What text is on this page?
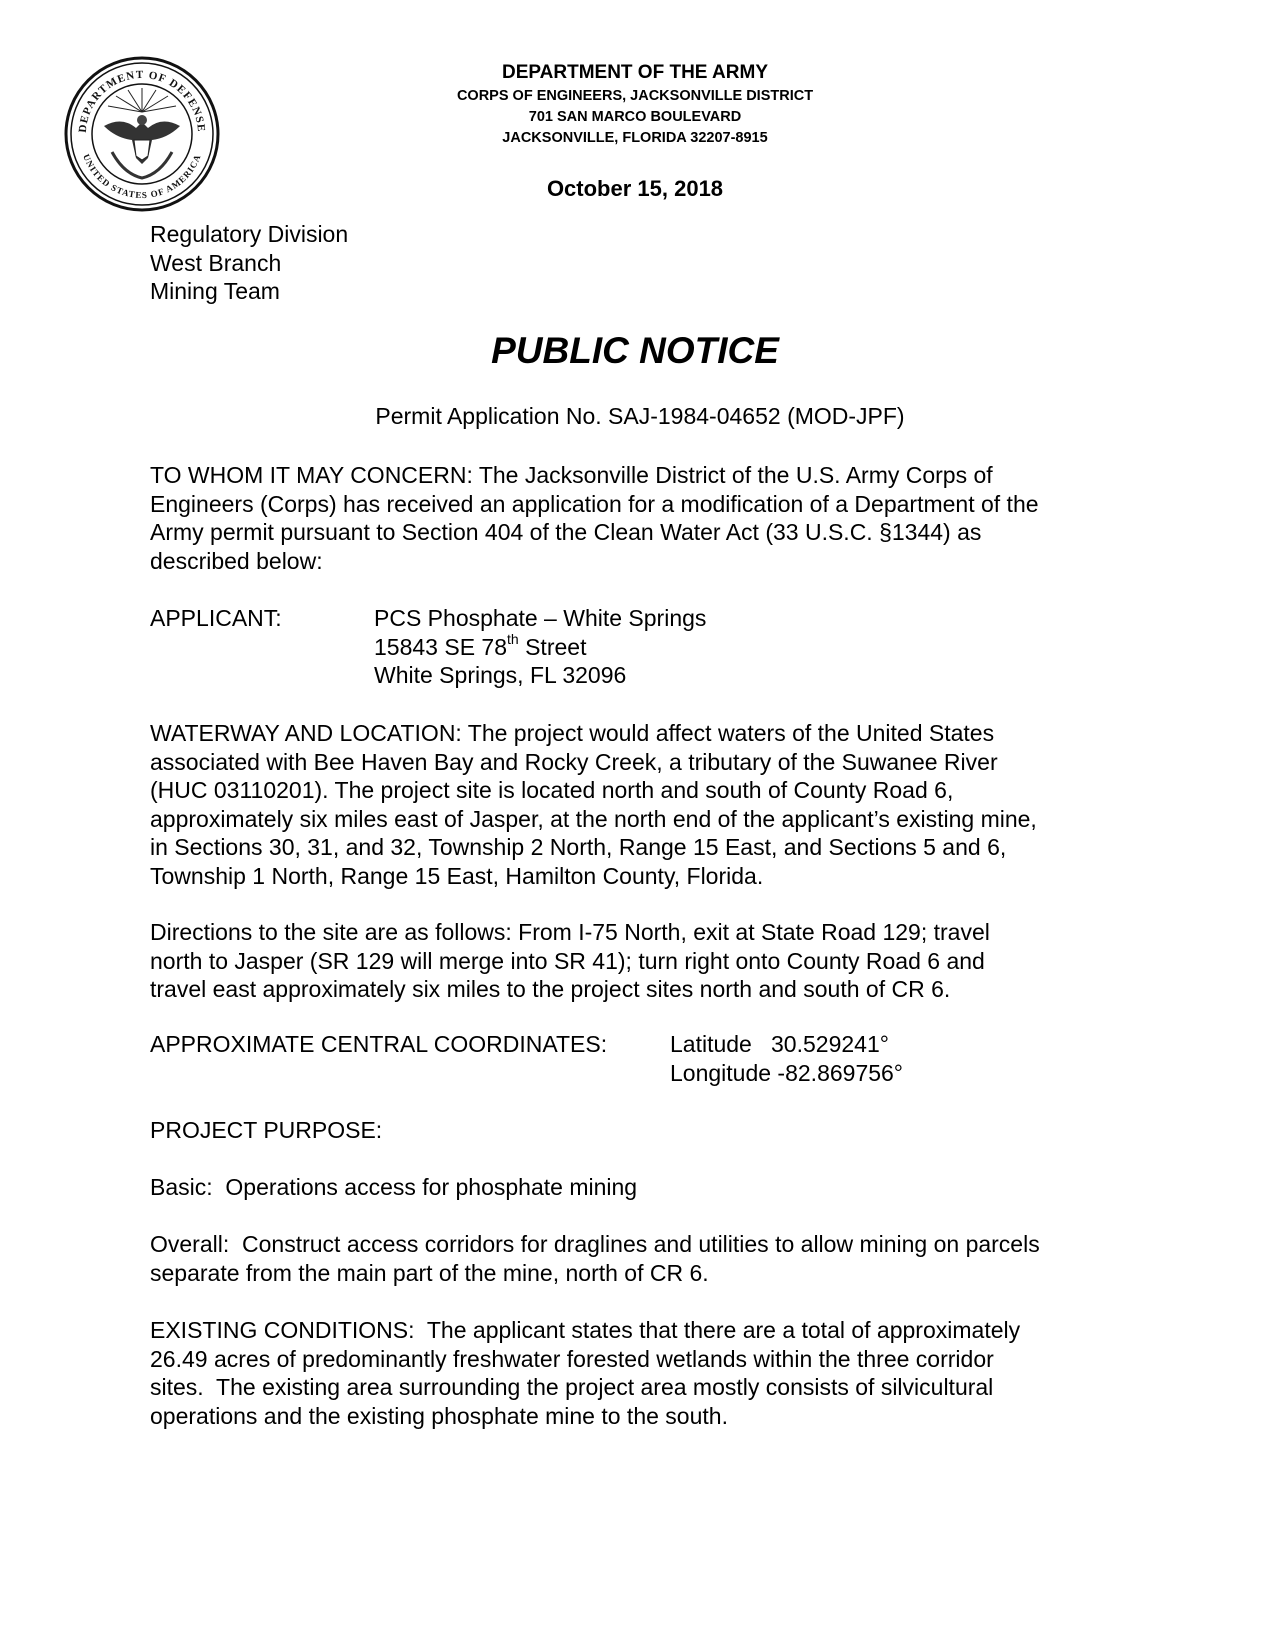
DEPARTMENT OF DEFENSE
UNITED STATES OF AMERICA
DEPARTMENT OF THE ARMY
CORPS OF ENGINEERS, JACKSONVILLE DISTRICT
701 SAN MARCO BOULEVARD
JACKSONVILLE, FLORIDA 32207-8915
October 15, 2018
Regulatory Division
West Branch
Mining Team
PUBLIC NOTICE
Permit Application No. SAJ-1984-04652 (MOD-JPF)
TO WHOM IT MAY CONCERN: The Jacksonville District of the U.S. Army Corps of
Engineers (Corps) has received an application for a modification of a Department of the
Army permit pursuant to Section 404 of the Clean Water Act (33 U.S.C. §1344) as
described below:
APPLICANT:	PCS Phosphate – White Springs
15843 SE 78th Street
White Springs, FL 32096
WATERWAY AND LOCATION: The project would affect waters of the United States
associated with Bee Haven Bay and Rocky Creek, a tributary of the Suwanee River
(HUC 03110201). The project site is located north and south of County Road 6,
approximately six miles east of Jasper, at the north end of the applicant’s existing mine,
in Sections 30, 31, and 32, Township 2 North, Range 15 East, and Sections 5 and 6,
Township 1 North, Range 15 East, Hamilton County, Florida.
Directions to the site are as follows: From I-75 North, exit at State Road 129; travel
north to Jasper (SR 129 will merge into SR 41); turn right onto County Road 6 and
travel east approximately six miles to the project sites north and south of CR 6.
APPROXIMATE CENTRAL COORDINATES:	Latitude   30.529241°
Longitude -82.869756°
PROJECT PURPOSE:
Basic:  Operations access for phosphate mining
Overall:  Construct access corridors for draglines and utilities to allow mining on parcels
separate from the main part of the mine, north of CR 6.
EXISTING CONDITIONS:  The applicant states that there are a total of approximately
26.49 acres of predominantly freshwater forested wetlands within the three corridor
sites.  The existing area surrounding the project area mostly consists of silvicultural
operations and the existing phosphate mine to the south.
